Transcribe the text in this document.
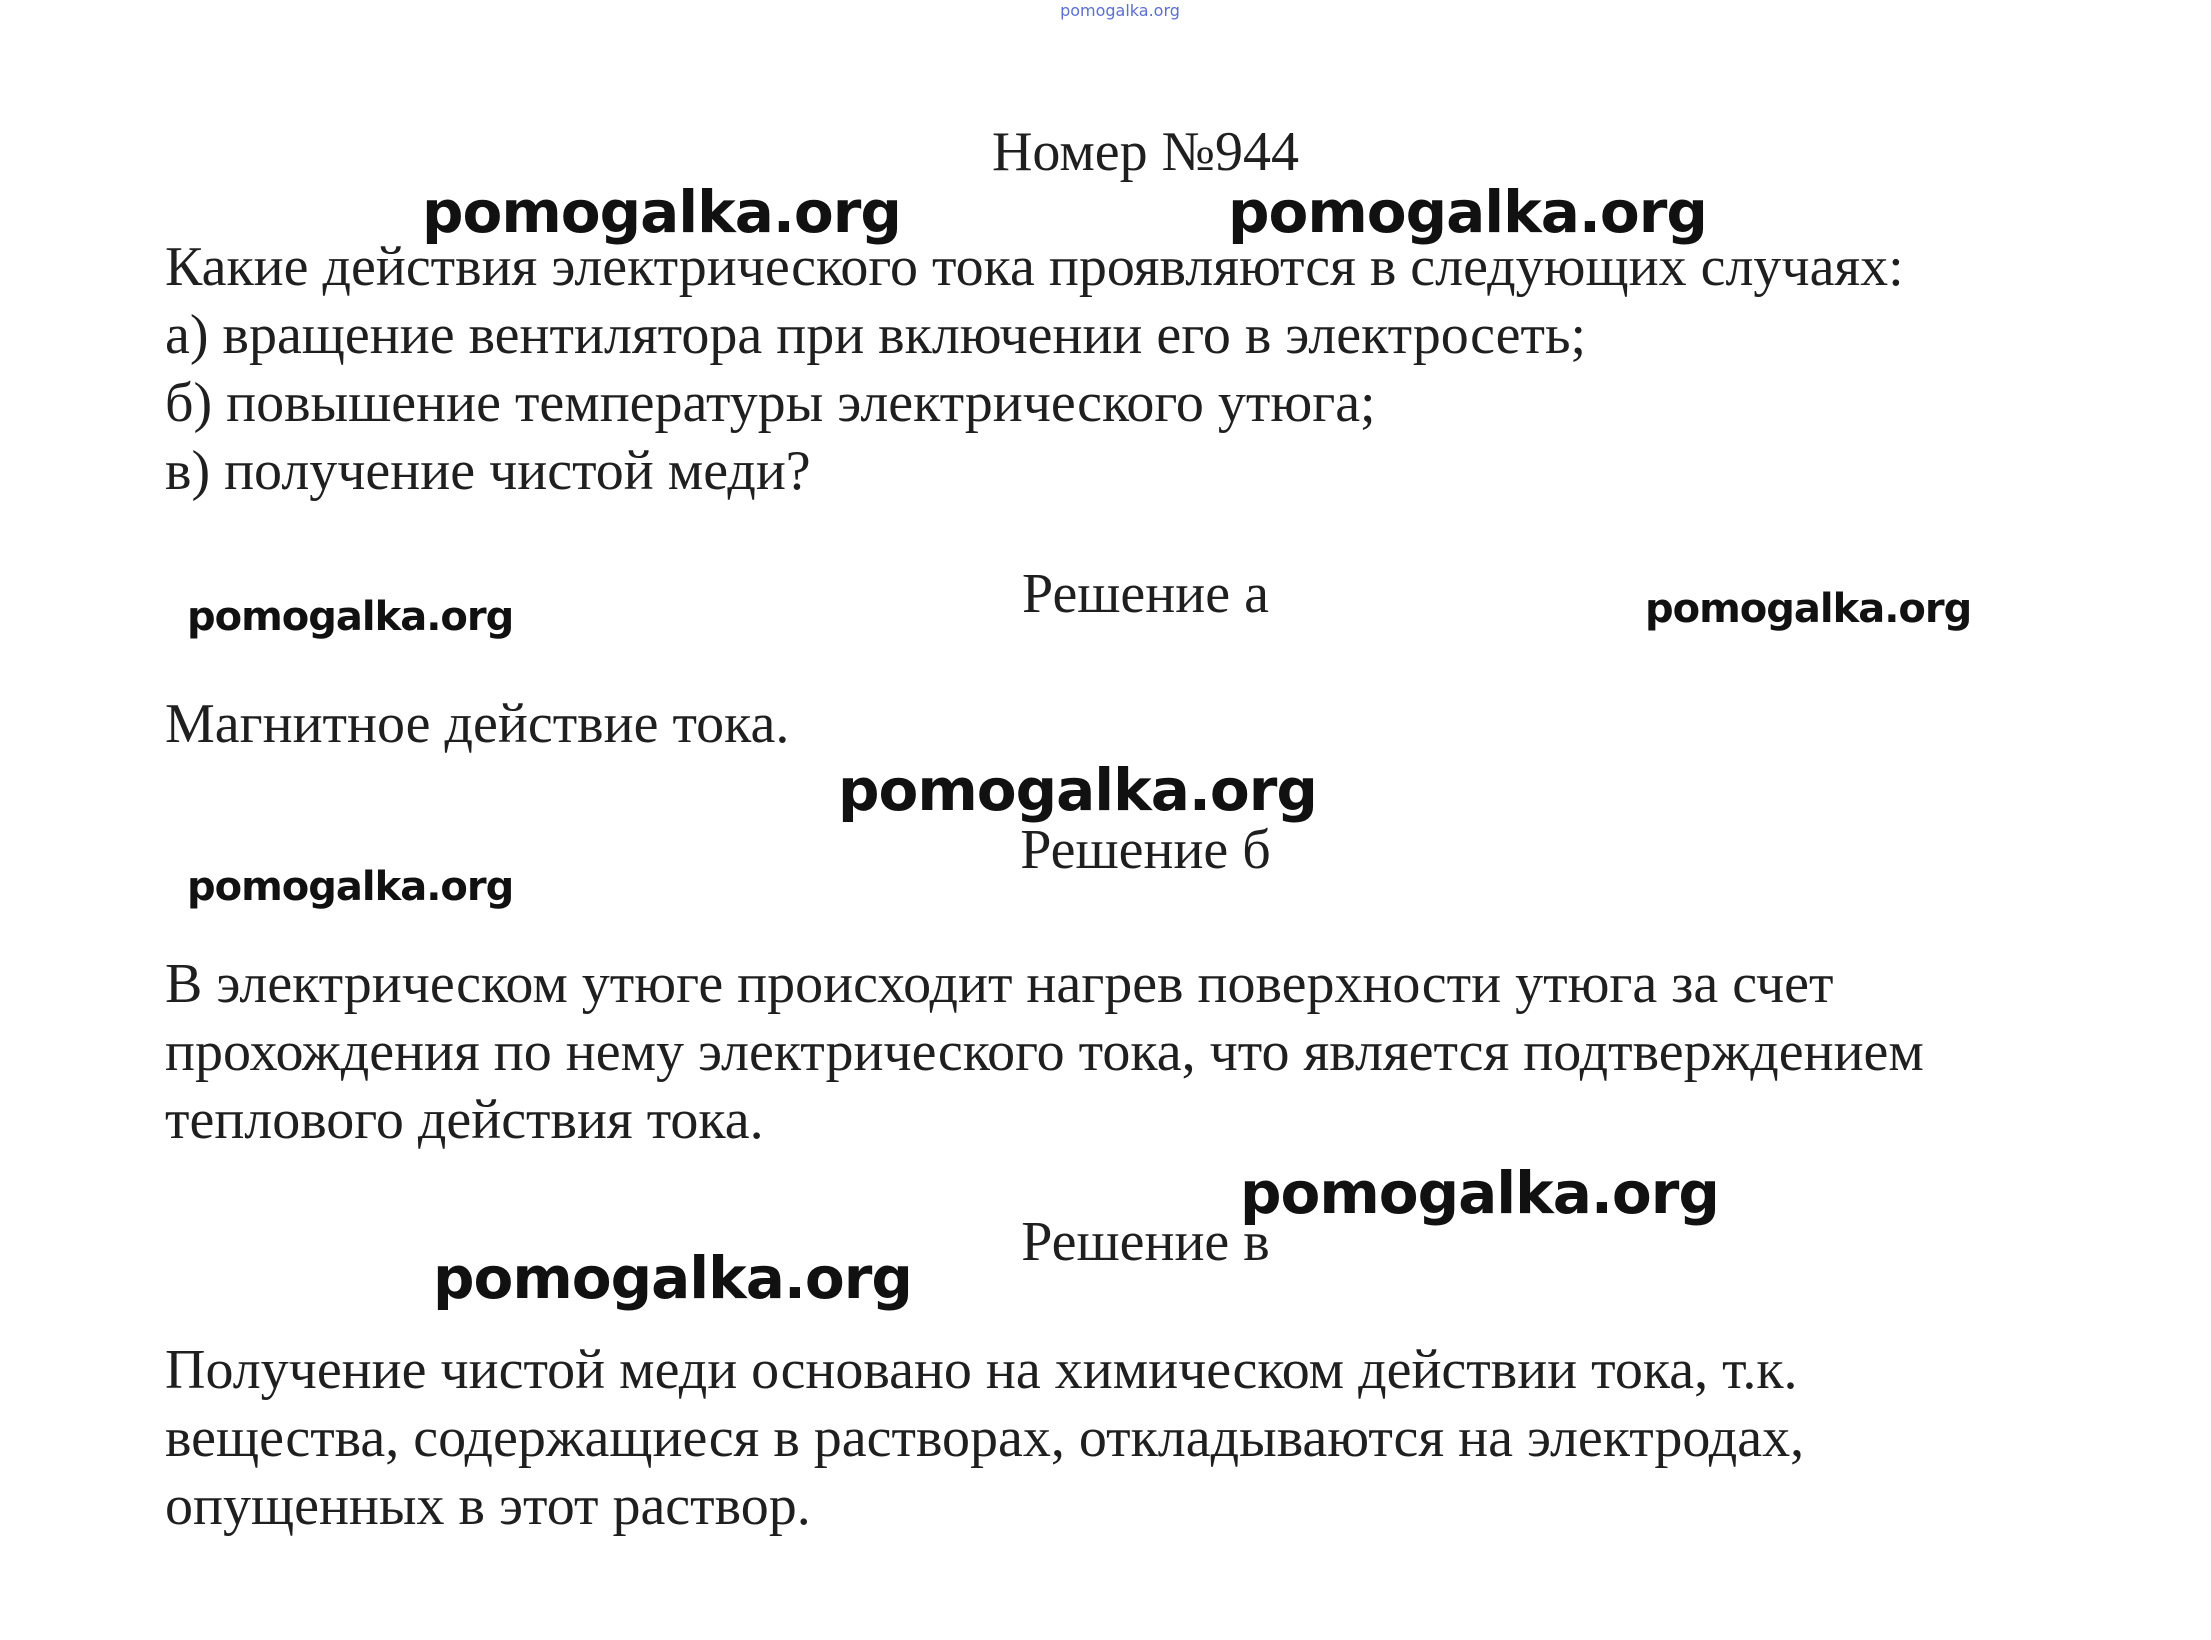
pomogalka.org
Номер №944

Какие действия электрического тока проявляются в следующих случаях:

а) вращение вентилятора при включении его в электросеть;

б) повышение температуры электрического утюга;

в) получение чистой меди?

Решение а

Магнитное действие тока.

Решение б

В электрическом утюге происходит нагрев поверхности утюга за счет

прохождения по нему электрического тока, что является подтверждением

теплового действия тока.

Решение в

Получение чистой меди основано на химическом действии тока, т.к.

вещества, содержащиеся в растворах, откладываются на электродах,

опущенных в этот раствор.

pomogalka.org	pomogalka.org
pomogalka.org	pomogalka.org
pomogalka.org
pomogalka.org
pomogalka.org
pomogalka.org
